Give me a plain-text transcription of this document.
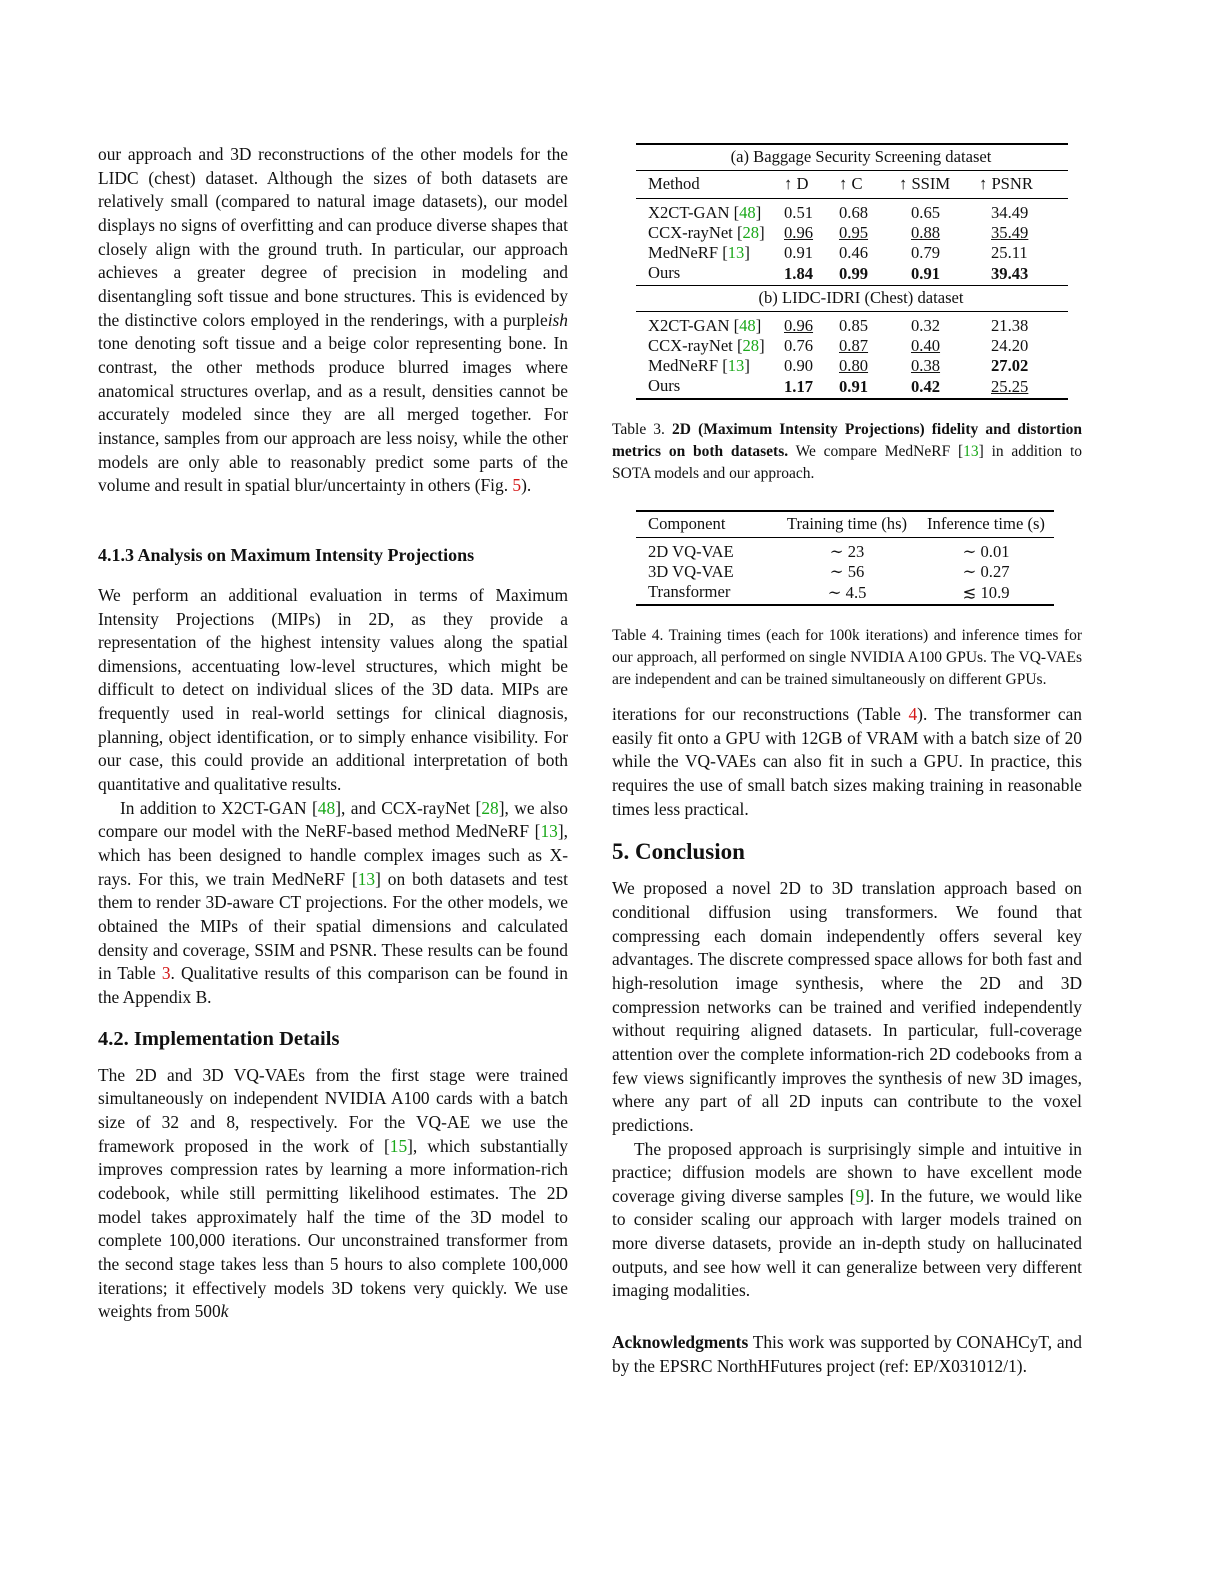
our approach and 3D reconstructions of the other models for the LIDC (chest) dataset. Although the sizes of both datasets are relatively small (compared to natural image datasets), our model displays no signs of overfitting and can produce diverse shapes that closely align with the ground truth. In particular, our approach achieves a greater degree of precision in modeling and disentangling soft tissue and bone structures. This is evidenced by the distinctive colors employed in the renderings, with a purpleish tone denoting soft tissue and a beige color representing bone. In contrast, the other methods produce blurred images where anatomical structures overlap, and as a result, densities cannot be accurately modeled since they are all merged together. For instance, samples from our approach are less noisy, while the other models are only able to reasonably predict some parts of the volume and result in spatial blur/uncertainty in others (Fig. 5).

4.1.3 Analysis on Maximum Intensity Projections

We perform an additional evaluation in terms of Maximum Intensity Projections (MIPs) in 2D, as they provide a representation of the highest intensity values along the spatial dimensions, accentuating low-level structures, which might be difficult to detect on individual slices of the 3D data. MIPs are frequently used in real-world settings for clinical diagnosis, planning, object identification, or to simply enhance visibility. For our case, this could provide an additional interpretation of both quantitative and qualitative results.

In addition to X2CT-GAN [48], and CCX-rayNet [28], we also compare our model with the NeRF-based method MedNeRF [13], which has been designed to handle complex images such as X-rays. For this, we train MedNeRF [13] on both datasets and test them to render 3D-aware CT projections. For the other models, we obtained the MIPs of their spatial dimensions and calculated density and coverage, SSIM and PSNR. These results can be found in Table 3. Qualitative results of this comparison can be found in the Appendix B.

4.2. Implementation Details

The 2D and 3D VQ-VAEs from the first stage were trained simultaneously on independent NVIDIA A100 cards with a batch size of 32 and 8, respectively. For the VQ-AE we use the framework proposed in the work of [15], which substantially improves compression rates by learning a more information-rich codebook, while still permitting likelihood estimates. The 2D model takes approximately half the time of the 3D model to complete 100,000 iterations. Our unconstrained transformer from the second stage takes less than 5 hours to also complete 100,000 iterations; it effectively models 3D tokens very quickly. We use weights from 500k

(a) Baggage Security Screening dataset				
Method	↑ D	↑ C	↑ SSIM	↑ PSNR
X2CT-GAN [48]	0.51	0.68	0.65	34.49
CCX-rayNet [28]	0.96	0.95	0.88	35.49
MedNeRF [13]	0.91	0.46	0.79	25.11
Ours	1.84	0.99	0.91	39.43
(b) LIDC-IDRI (Chest) dataset				
X2CT-GAN [48]	0.96	0.85	0.32	21.38
CCX-rayNet [28]	0.76	0.87	0.40	24.20
MedNeRF [13]	0.90	0.80	0.38	27.02
Ours	1.17	0.91	0.42	25.25

Table 3. 2D (Maximum Intensity Projections) fidelity and distortion metrics on both datasets. We compare MedNeRF [13] in addition to SOTA models and our approach.

Component	Training time (hs)	Inference time (s)
2D VQ-VAE	∼ 23	∼ 0.01
3D VQ-VAE	∼ 56	∼ 0.27
Transformer	∼ 4.5	≲ 10.9

Table 4. Training times (each for 100k iterations) and inference times for our approach, all performed on single NVIDIA A100 GPUs. The VQ-VAEs are independent and can be trained simultaneously on different GPUs.

iterations for our reconstructions (Table 4). The transformer can easily fit onto a GPU with 12GB of VRAM with a batch size of 20 while the VQ-VAEs can also fit in such a GPU. In practice, this requires the use of small batch sizes making training in reasonable times less practical.

5. Conclusion

We proposed a novel 2D to 3D translation approach based on conditional diffusion using transformers. We found that compressing each domain independently offers several key advantages. The discrete compressed space allows for both fast and high-resolution image synthesis, where the 2D and 3D compression networks can be trained and verified independently without requiring aligned datasets. In particular, full-coverage attention over the complete information-rich 2D codebooks from a few views significantly improves the synthesis of new 3D images, where any part of all 2D inputs can contribute to the voxel predictions.

The proposed approach is surprisingly simple and intuitive in practice; diffusion models are shown to have excellent mode coverage giving diverse samples [9]. In the future, we would like to consider scaling our approach with larger models trained on more diverse datasets, provide an in-depth study on hallucinated outputs, and see how well it can generalize between very different imaging modalities.

Acknowledgments This work was supported by CONAHCyT, and by the EPSRC NorthHFutures project (ref: EP/X031012/1).
